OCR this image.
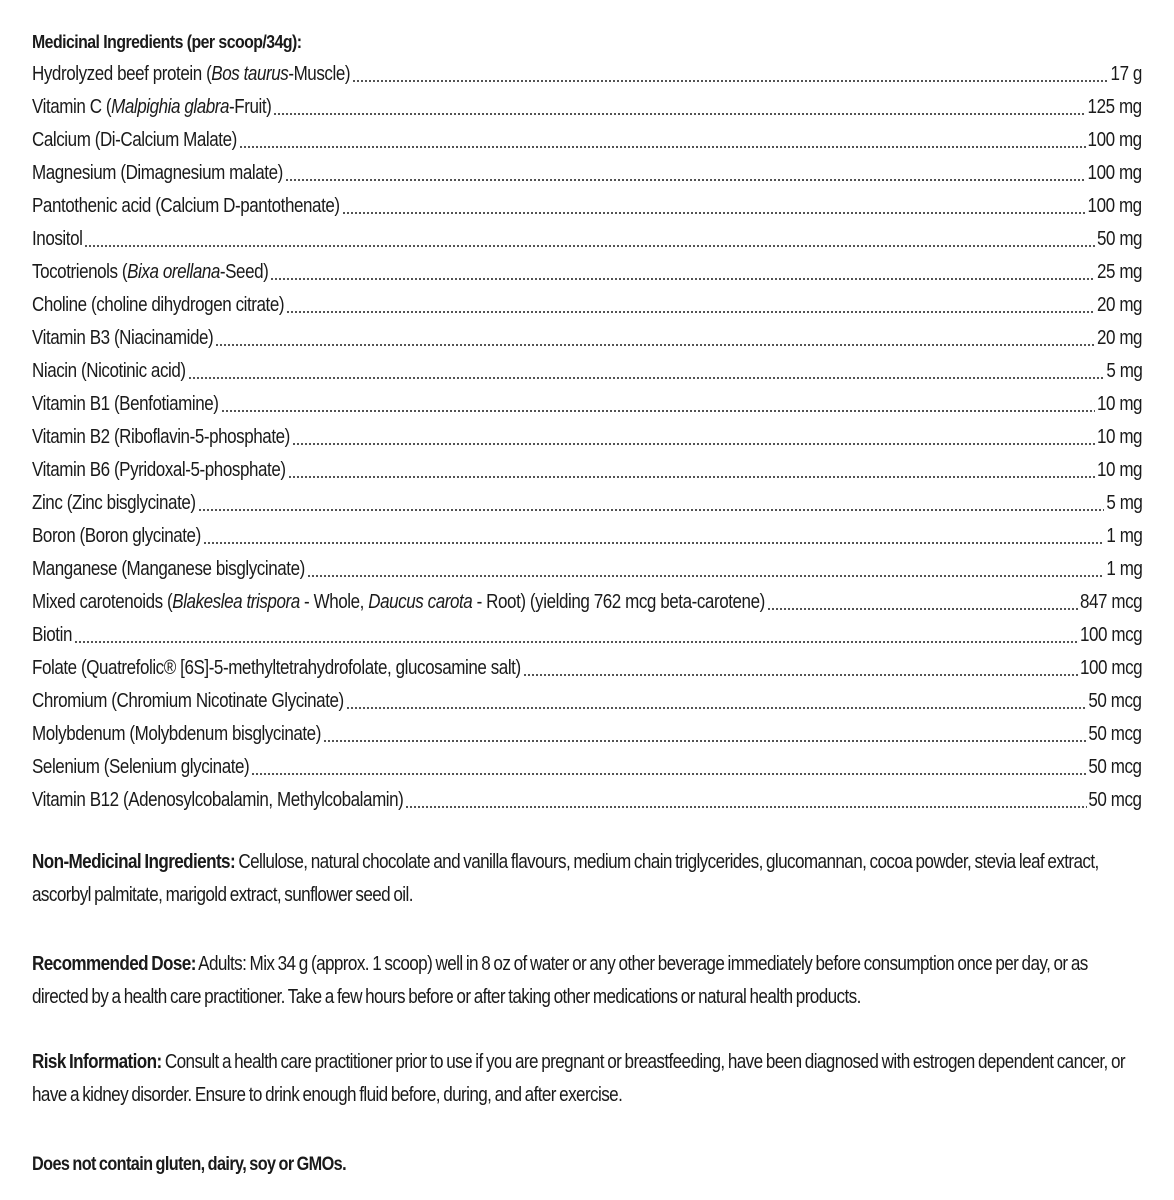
Medicinal Ingredients (per scoop/34g):
Hydrolyzed beef protein (Bos taurus-Muscle)	17 g
Vitamin C (Malpighia glabra-Fruit)	125 mg
Calcium (Di-Calcium Malate)	100 mg
Magnesium (Dimagnesium malate)	100 mg
Pantothenic acid (Calcium D-pantothenate)	100 mg
Inositol	50 mg
Tocotrienols (Bixa orellana-Seed)	25 mg
Choline (choline dihydrogen citrate)	20 mg
Vitamin B3 (Niacinamide)	20 mg
Niacin (Nicotinic acid)	5 mg
Vitamin B1 (Benfotiamine)	10 mg
Vitamin B2 (Riboflavin-5-phosphate)	10 mg
Vitamin B6 (Pyridoxal-5-phosphate)	10 mg
Zinc (Zinc bisglycinate)	5 mg
Boron (Boron glycinate)	1 mg
Manganese (Manganese bisglycinate)	1 mg
Mixed carotenoids (Blakeslea trispora - Whole, Daucus carota - Root) (yielding 762 mcg beta-carotene)	847 mcg
Biotin	100 mcg
Folate (Quatrefolic® [6S]-5-methyltetrahydrofolate, glucosamine salt)	100 mcg
Chromium (Chromium Nicotinate Glycinate)	50 mcg
Molybdenum (Molybdenum bisglycinate)	50 mcg
Selenium (Selenium glycinate)	50 mcg
Vitamin B12 (Adenosylcobalamin, Methylcobalamin)	50 mcg
Non-Medicinal Ingredients: Cellulose, natural chocolate and vanilla flavours, medium chain triglycerides, glucomannan, cocoa powder, stevia leaf extract, ascorbyl palmitate, marigold extract, sunflower seed oil.
Recommended Dose: Adults: Mix 34 g (approx. 1 scoop) well in 8 oz of water or any other beverage immediately before consumption once per day, or as directed by a health care practitioner. Take a few hours before or after taking other medications or natural health products.
Risk Information: Consult a health care practitioner prior to use if you are pregnant or breastfeeding, have been diagnosed with estrogen dependent cancer, or have a kidney disorder. Ensure to drink enough fluid before, during, and after exercise.
Does not contain gluten, dairy, soy or GMOs.
